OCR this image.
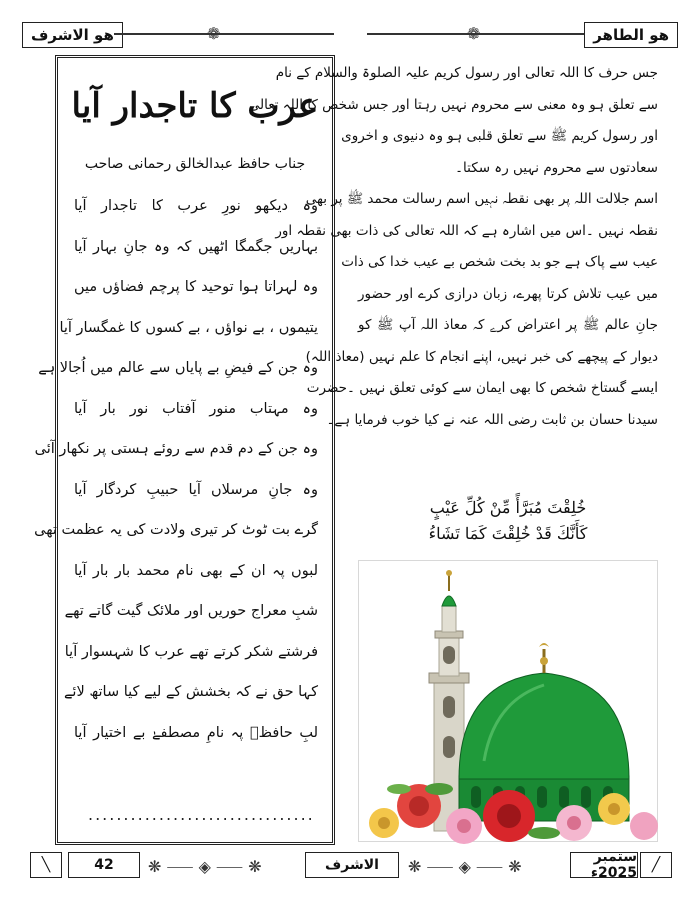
ھو الاشرف	❁	❁	ھو الطاھر
عرب کا تاجدار آیا
جناب حافظ عبدالخالق رحمانی صاحب
وہ دیکھو نورِ عرب کا تاجدار آیا
بہاریں جگمگا اٹھیں کہ وہ جانِ بہار آیا
وہ لہراتا ہوا توحید کا پرچم فضاؤں میں
یتیموں ، بے نواؤں ، بے کسوں کا غمگسار آیا
وہ جن کے فیضِ بے پایاں سے عالم میں اُجالا ہے
وہ مہتاب منور آفتاب نور بار آیا
وہ جن کے دم قدم سے روئے ہستی پر نکھار آئی
وہ جانِ مرسلاں آیا حبیبِ کردگار آیا
گرے بت ٹوٹ کر تیری ولادت کی یہ عظمت تھی
لبوں پہ ان کے بھی نام محمد بار بار آیا
شبِ معراج حوریں اور ملائک گیت گاتے تھے
فرشتے شکر کرتے تھے عرب کا شہسوار آیا
کہا حق نے کہ بخشش کے لیے کیا ساتھ لائے
لبِ حافظؔ پہ نامِ مصطفےٰ بے اختیار آیا
................................
جس حرف کا اللہ تعالی اور رسول کریم علیہ الصلوۃ والسلام کے نام
سے تعلق ہو وہ معنی سے محروم نہیں رہتا اور جس شخص کا اللہ تعالی
اور رسول کریم ﷺ سے تعلق قلبی ہو وہ دنیوی و اخروی
سعادتوں سے محروم نہیں رہ سکتا۔
اسم جلالت اللہ پر بھی نقطہ نہیں اسم رسالت محمد ﷺ پر بھی
نقطہ نہیں ۔اس میں اشارہ ہے کہ اللہ تعالی کی ذات بھی نقطہ اور
عیب سے پاک ہے جو بد بخت شخص بے عیب خدا کی ذات
میں عیب تلاش کرتا پھرے، زبان درازی کرے اور حضور
جانِ عالم ﷺ پر اعتراض کرے کہ معاذ اللہ آپ ﷺ کو
دیوار کے پیچھے کی خبر نہیں، اپنے انجام کا علم نہیں (معاذ اللہ)
ایسے گستاخ شخص کا بھی ایمان سے کوئی تعلق نہیں ۔حضرت
سیدنا حسان بن ثابت رضی اللہ عنہ نے کیا خوب فرمایا ہے۔
خُلِقْتَ مُبَرَّأً مِّنْ كُلِّ عَيْبٍ
كَأَنَّكَ قَدْ خُلِقْتَ كَمَا تَشَاءُ
╲	42 ❋ ⸺ ◈ ⸺ ❋	الاشرف ❋ ⸺ ◈ ⸺ ❋	ستمبر 2025ء	╱
